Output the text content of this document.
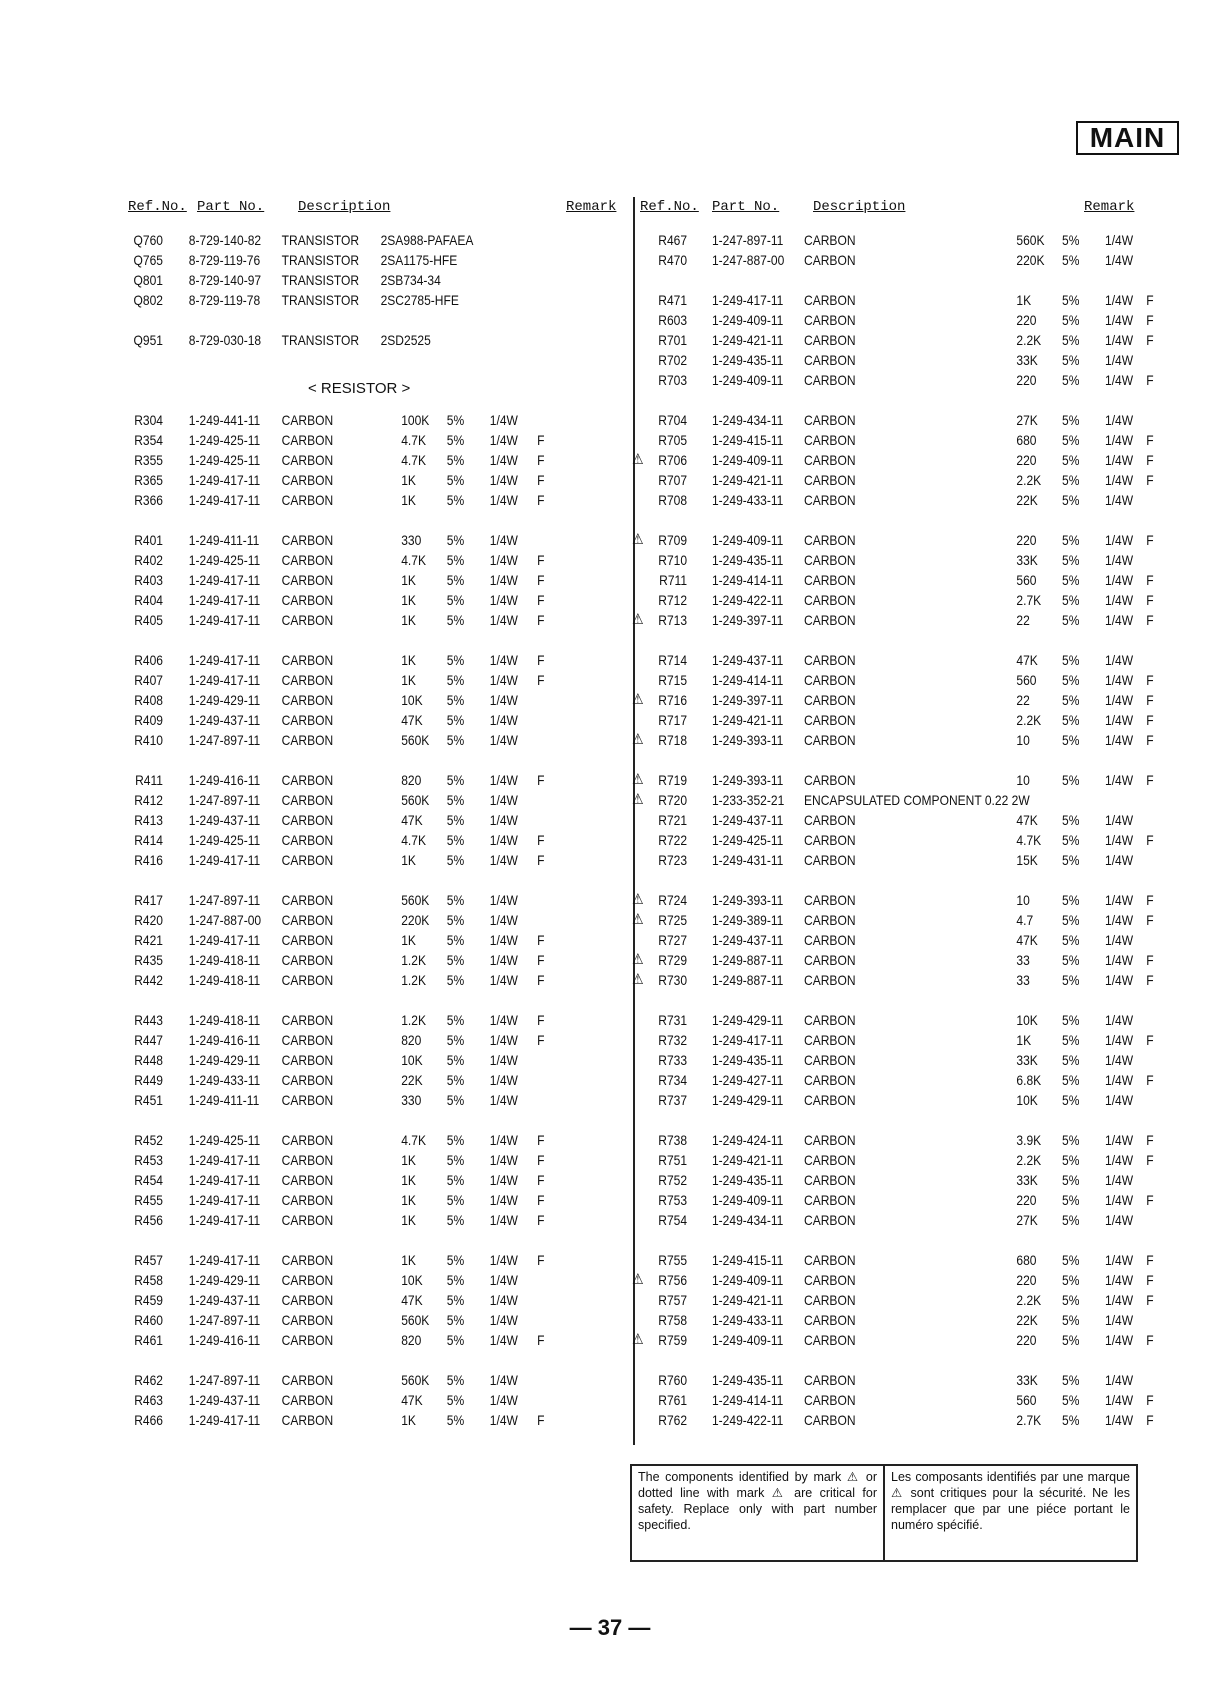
MAIN
Ref.No. Part No. Description	Remark Ref.No. Part No. Description	Remark
< RESISTOR >
Q760 8-729-140-82 TRANSISTOR 2SA988-PAFAEA
Q765 8-729-119-76 TRANSISTOR 2SA1175-HFE
Q801 8-729-140-97 TRANSISTOR 2SB734-34
Q802 8-729-119-78 TRANSISTOR 2SC2785-HFE
Q951 8-729-030-18 TRANSISTOR 2SD2525
R304 1-249-441-11 CARBON	100K 5% 1/4W
R354 1-249-425-11 CARBON	4.7K 5% 1/4W F
R355 1-249-425-11 CARBON	4.7K 5% 1/4W F
R365 1-249-417-11 CARBON	1K 5% 1/4W F
R366 1-249-417-11 CARBON	1K 5% 1/4W F
R401 1-249-411-11 CARBON	330 5% 1/4W
R402 1-249-425-11 CARBON	4.7K 5% 1/4W F
R403 1-249-417-11 CARBON	1K 5% 1/4W F
R404 1-249-417-11 CARBON	1K 5% 1/4W F
R405 1-249-417-11 CARBON	1K 5% 1/4W F
R406 1-249-417-11 CARBON	1K 5% 1/4W F
R407 1-249-417-11 CARBON	1K 5% 1/4W F
R408 1-249-429-11 CARBON	10K 5% 1/4W
R409 1-249-437-11 CARBON	47K 5% 1/4W
R410 1-247-897-11 CARBON	560K 5% 1/4W
R411 1-249-416-11 CARBON	820 5% 1/4W F
R412 1-247-897-11 CARBON	560K 5% 1/4W
R413 1-249-437-11 CARBON	47K 5% 1/4W
R414 1-249-425-11 CARBON	4.7K 5% 1/4W F
R416 1-249-417-11 CARBON	1K 5% 1/4W F
R417 1-247-897-11 CARBON	560K 5% 1/4W
R420 1-247-887-00 CARBON	220K 5% 1/4W
R421 1-249-417-11 CARBON	1K 5% 1/4W F
R435 1-249-418-11 CARBON	1.2K 5% 1/4W F
R442 1-249-418-11 CARBON	1.2K 5% 1/4W F
R443 1-249-418-11 CARBON	1.2K 5% 1/4W F
R447 1-249-416-11 CARBON	820 5% 1/4W F
R448 1-249-429-11 CARBON	10K 5% 1/4W
R449 1-249-433-11 CARBON	22K 5% 1/4W
R451 1-249-411-11 CARBON	330 5% 1/4W
R452 1-249-425-11 CARBON	4.7K 5% 1/4W F
R453 1-249-417-11 CARBON	1K 5% 1/4W F
R454 1-249-417-11 CARBON	1K 5% 1/4W F
R455 1-249-417-11 CARBON	1K 5% 1/4W F
R456 1-249-417-11 CARBON	1K 5% 1/4W F
R457 1-249-417-11 CARBON	1K 5% 1/4W F
R458 1-249-429-11 CARBON	10K 5% 1/4W
R459 1-249-437-11 CARBON	47K 5% 1/4W
R460 1-247-897-11 CARBON	560K 5% 1/4W
R461 1-249-416-11 CARBON	820 5% 1/4W F
R462 1-247-897-11 CARBON	560K 5% 1/4W
R463 1-249-437-11 CARBON	47K 5% 1/4W
R466 1-249-417-11 CARBON	1K 5% 1/4W F
R467 1-247-897-11 CARBON	560K 5% 1/4W
R470 1-247-887-00 CARBON	220K 5% 1/4W
R471 1-249-417-11 CARBON	1K 5% 1/4W F
R603 1-249-409-11 CARBON	220 5% 1/4W F
R701 1-249-421-11 CARBON	2.2K 5% 1/4W F
R702 1-249-435-11 CARBON	33K 5% 1/4W
R703 1-249-409-11 CARBON	220 5% 1/4W F
R704 1-249-434-11 CARBON	27K 5% 1/4W
R705 1-249-415-11 CARBON	680 5% 1/4W F
⚠	R706 1-249-409-11 CARBON	220 5% 1/4W F
R707 1-249-421-11 CARBON	2.2K 5% 1/4W F
R708 1-249-433-11 CARBON	22K 5% 1/4W
⚠	R709 1-249-409-11 CARBON	220 5% 1/4W F
R710 1-249-435-11 CARBON	33K 5% 1/4W
R711 1-249-414-11 CARBON	560 5% 1/4W F
R712 1-249-422-11 CARBON	2.7K 5% 1/4W F
⚠	R713 1-249-397-11 CARBON	22 5% 1/4W F
R714 1-249-437-11 CARBON	47K 5% 1/4W
R715 1-249-414-11 CARBON	560 5% 1/4W F
⚠	R716 1-249-397-11 CARBON	22 5% 1/4W F
R717 1-249-421-11 CARBON	2.2K 5% 1/4W F
⚠	R718 1-249-393-11 CARBON	10 5% 1/4W F
⚠	R719 1-249-393-11 CARBON	10 5% 1/4W F
⚠	R720 1-233-352-21 ENCAPSULATED COMPONENT 0.22 2W
R721 1-249-437-11 CARBON	47K 5% 1/4W
R722 1-249-425-11 CARBON	4.7K 5% 1/4W F
R723 1-249-431-11 CARBON	15K 5% 1/4W
⚠	R724 1-249-393-11 CARBON	10 5% 1/4W F
⚠	R725 1-249-389-11 CARBON	4.7 5% 1/4W F
R727 1-249-437-11 CARBON	47K 5% 1/4W
⚠	R729 1-249-887-11 CARBON	33 5% 1/4W F
⚠	R730 1-249-887-11 CARBON	33 5% 1/4W F
R731 1-249-429-11 CARBON	10K 5% 1/4W
R732 1-249-417-11 CARBON	1K 5% 1/4W F
R733 1-249-435-11 CARBON	33K 5% 1/4W
R734 1-249-427-11 CARBON	6.8K 5% 1/4W F
R737 1-249-429-11 CARBON	10K 5% 1/4W
R738 1-249-424-11 CARBON	3.9K 5% 1/4W F
R751 1-249-421-11 CARBON	2.2K 5% 1/4W F
R752 1-249-435-11 CARBON	33K 5% 1/4W
R753 1-249-409-11 CARBON	220 5% 1/4W F
R754 1-249-434-11 CARBON	27K 5% 1/4W
R755 1-249-415-11 CARBON	680 5% 1/4W F
⚠	R756 1-249-409-11 CARBON	220 5% 1/4W F
R757 1-249-421-11 CARBON	2.2K 5% 1/4W F
R758 1-249-433-11 CARBON	22K 5% 1/4W
⚠	R759 1-249-409-11 CARBON	220 5% 1/4W F
R760 1-249-435-11 CARBON	33K 5% 1/4W
R761 1-249-414-11 CARBON	560 5% 1/4W F
R762 1-249-422-11 CARBON	2.7K 5% 1/4W F
The components identified by mark ⚠ or dotted line with mark ⚠ are critical for safety. Replace only with part number specified.
Les composants identifiés par une marque ⚠ sont critiques pour la sécurité. Ne les remplacer que par une piéce portant le numéro spécifié.
— 37 —
